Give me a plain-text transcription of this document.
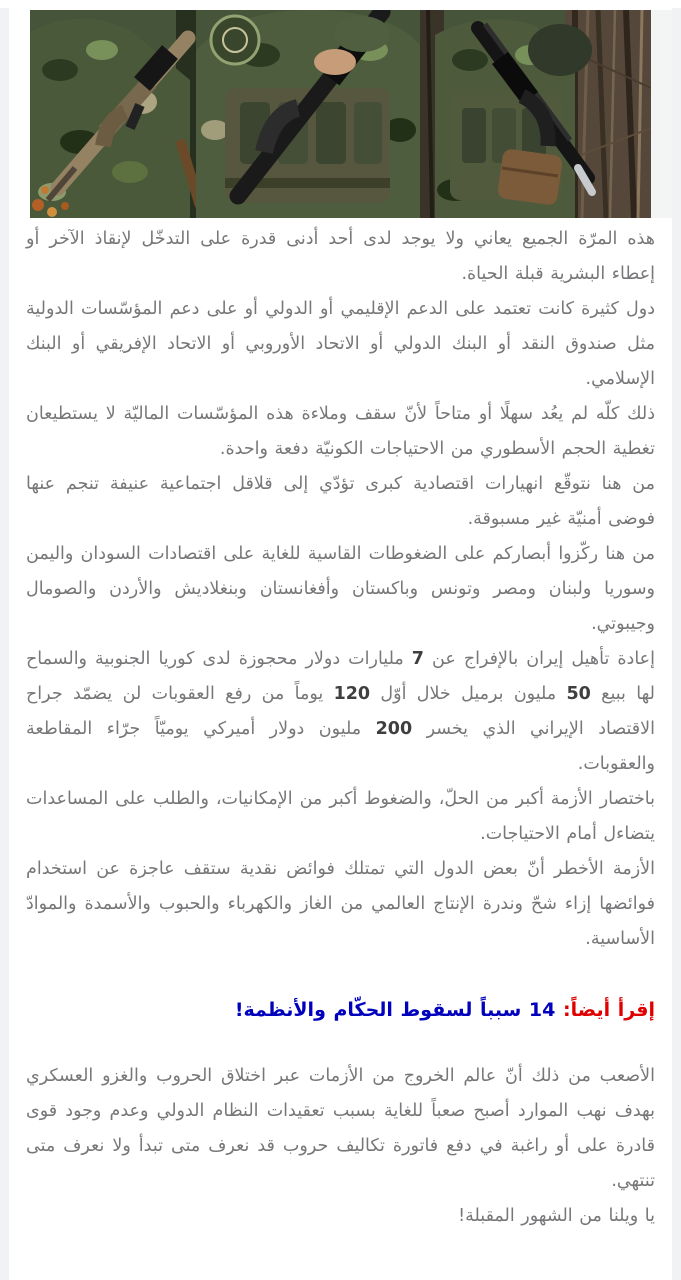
هذه المرّة الجميع يعاني ولا يوجد لدى أحد أدنى قدرة على التدخّل لإنقاذ الآخر أو إعطاء البشرية قبلة الحياة.

دول كثيرة كانت تعتمد على الدعم الإقليمي أو الدولي أو على دعم المؤسّسات الدولية مثل صندوق النقد أو البنك الدولي أو الاتحاد الأوروبي أو الاتحاد الإفريقي أو البنك الإسلامي.

ذلك كلّه لم يعُد سهلًا أو متاحاً لأنّ سقف وملاءة هذه المؤسّسات الماليّة لا يستطيعان تغطية الحجم الأسطوري من الاحتياجات الكونيّة دفعة واحدة.

من هنا نتوقّع انهيارات اقتصادية كبرى تؤدّي إلى قلاقل اجتماعية عنيفة تنجم عنها فوضى أمنيّة غير مسبوقة.

من هنا ركّزوا أبصاركم على الضغوطات القاسية للغاية على اقتصادات السودان واليمن وسوريا ولبنان ومصر وتونس وباكستان وأفغانستان وبنغلاديش والأردن والصومال وجيبوتي.

إعادة تأهيل إيران بالإفراج عن 7 مليارات دولار محجوزة لدى كوريا الجنوبية والسماح لها ببيع 50 مليون برميل خلال أوّل 120 يوماً من رفع العقوبات لن يضمّد جراح الاقتصاد الإيراني الذي يخسر 200 مليون دولار أميركي يوميّاً جرّاء المقاطعة والعقوبات.

باختصار الأزمة أكبر من الحلّ، والضغوط أكبر من الإمكانيات، والطلب على المساعدات يتضاءل أمام الاحتياجات.

الأزمة الأخطر أنّ بعض الدول التي تمتلك فوائض نقدية ستقف عاجزة عن استخدام فوائضها إزاء شحّ وندرة الإنتاج العالمي من الغاز والكهرباء والحبوب والأسمدة والموادّ الأساسية.

إقرأ أيضاً: 14 سبباً لسقوط الحكّام والأنظمة!

الأصعب من ذلك أنّ عالم الخروج من الأزمات عبر اختلاق الحروب والغزو العسكري بهدف نهب الموارد أصبح صعباً للغاية بسبب تعقيدات النظام الدولي وعدم وجود قوى قادرة على أو راغبة في دفع فاتورة تكاليف حروب قد نعرف متى تبدأ ولا نعرف متى تنتهي.

يا ويلنا من الشهور المقبلة!
